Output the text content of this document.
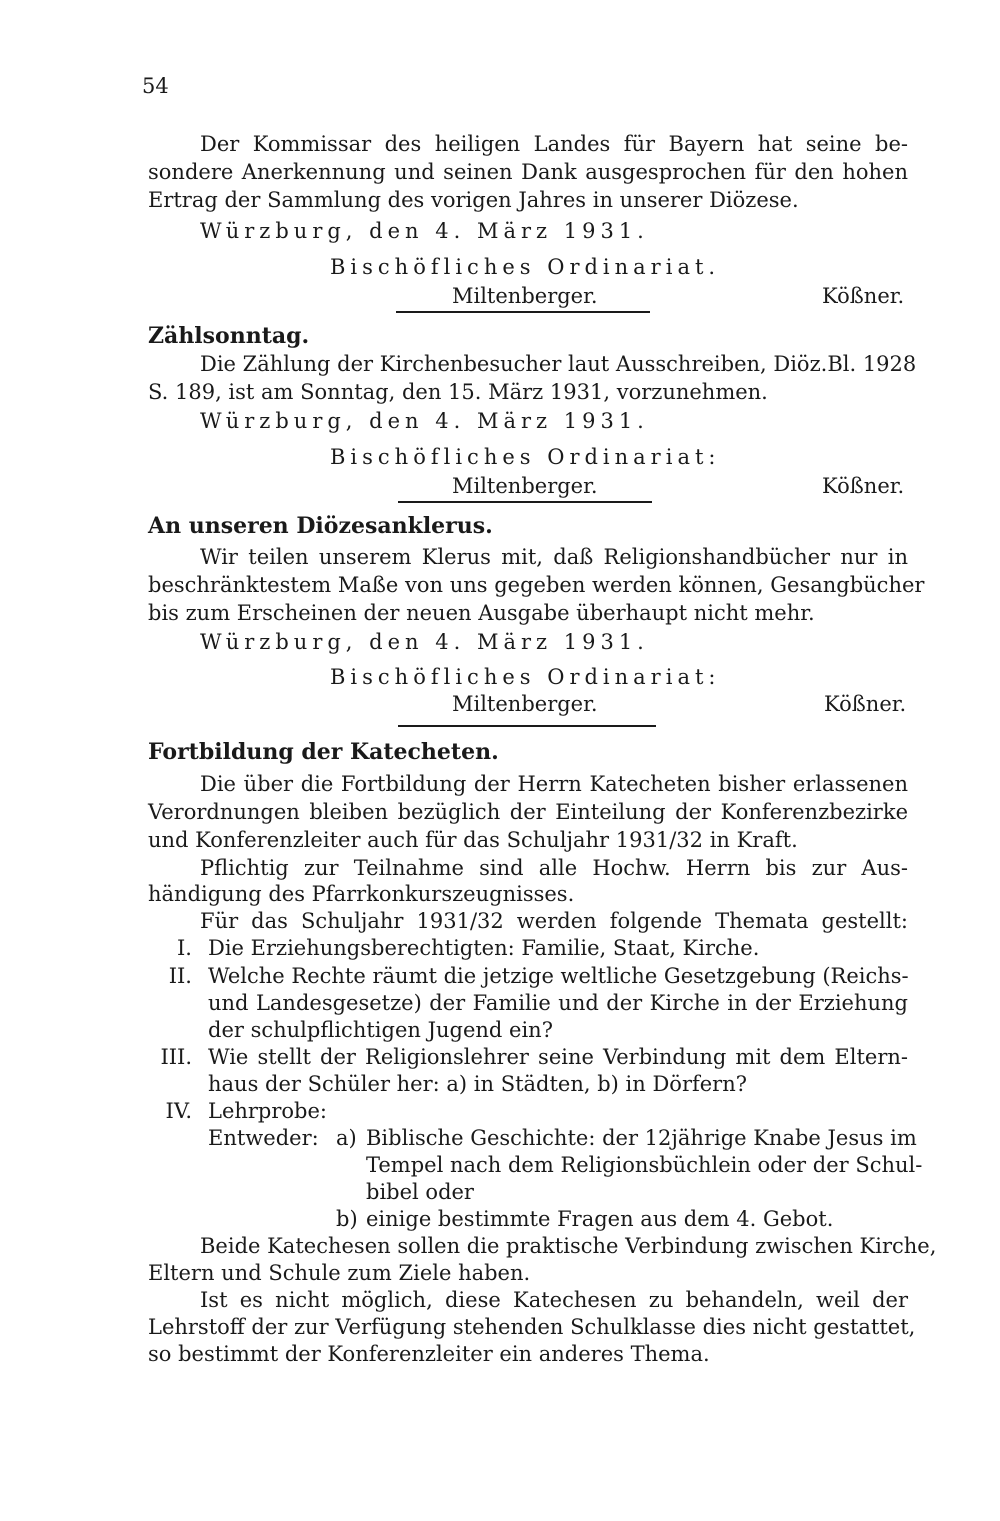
54
Der Kommissar des heiligen Landes für Bayern hat seine be-
sondere Anerkennung und seinen Dank ausgesprochen für den hohen
Ertrag der Sammlung des vorigen Jahres in unserer Diözese.
Würzburg, den 4. März 1931.
Bischöfliches Ordinariat.
Miltenberger.	Kößner.
Zählsonntag.
Die Zählung der Kirchenbesucher laut Ausschreiben, Diöz.Bl. 1928
S. 189, ist am Sonntag, den 15. März 1931, vorzunehmen.
Würzburg, den 4. März 1931.
Bischöfliches Ordinariat:
Miltenberger.	Kößner.
An unseren Diözesanklerus.
Wir teilen unserem Klerus mit, daß Religionshandbücher nur in
beschränktestem Maße von uns gegeben werden können, Gesangbücher
bis zum Erscheinen der neuen Ausgabe überhaupt nicht mehr.
Würzburg, den 4. März 1931.
Bischöfliches Ordinariat:
Miltenberger.	Kößner.
Fortbildung der Katecheten.
Die über die Fortbildung der Herrn Katecheten bisher erlassenen
Verordnungen bleiben bezüglich der Einteilung der Konferenzbezirke
und Konferenzleiter auch für das Schuljahr 1931/32 in Kraft.
Pflichtig zur Teilnahme sind alle Hochw. Herrn bis zur Aus-
händigung des Pfarrkonkurszeugnisses.
Für das Schuljahr 1931/32 werden folgende Themata gestellt:
I. Die Erziehungsberechtigten: Familie, Staat, Kirche.
II. Welche Rechte räumt die jetzige weltliche Gesetzgebung (Reichs-
und Landesgesetze) der Familie und der Kirche in der Erziehung
der schulpflichtigen Jugend ein?
III. Wie stellt der Religionslehrer seine Verbindung mit dem Eltern-
haus der Schüler her: a) in Städten, b) in Dörfern?
IV. Lehrprobe:
Entweder: a) Biblische Geschichte: der 12jährige Knabe Jesus im
Tempel nach dem Religionsbüchlein oder der Schul-
bibel oder
b) einige bestimmte Fragen aus dem 4. Gebot.
Beide Katechesen sollen die praktische Verbindung zwischen Kirche,
Eltern und Schule zum Ziele haben.
Ist es nicht möglich, diese Katechesen zu behandeln, weil der
Lehrstoff der zur Verfügung stehenden Schulklasse dies nicht gestattet,
so bestimmt der Konferenzleiter ein anderes Thema.
